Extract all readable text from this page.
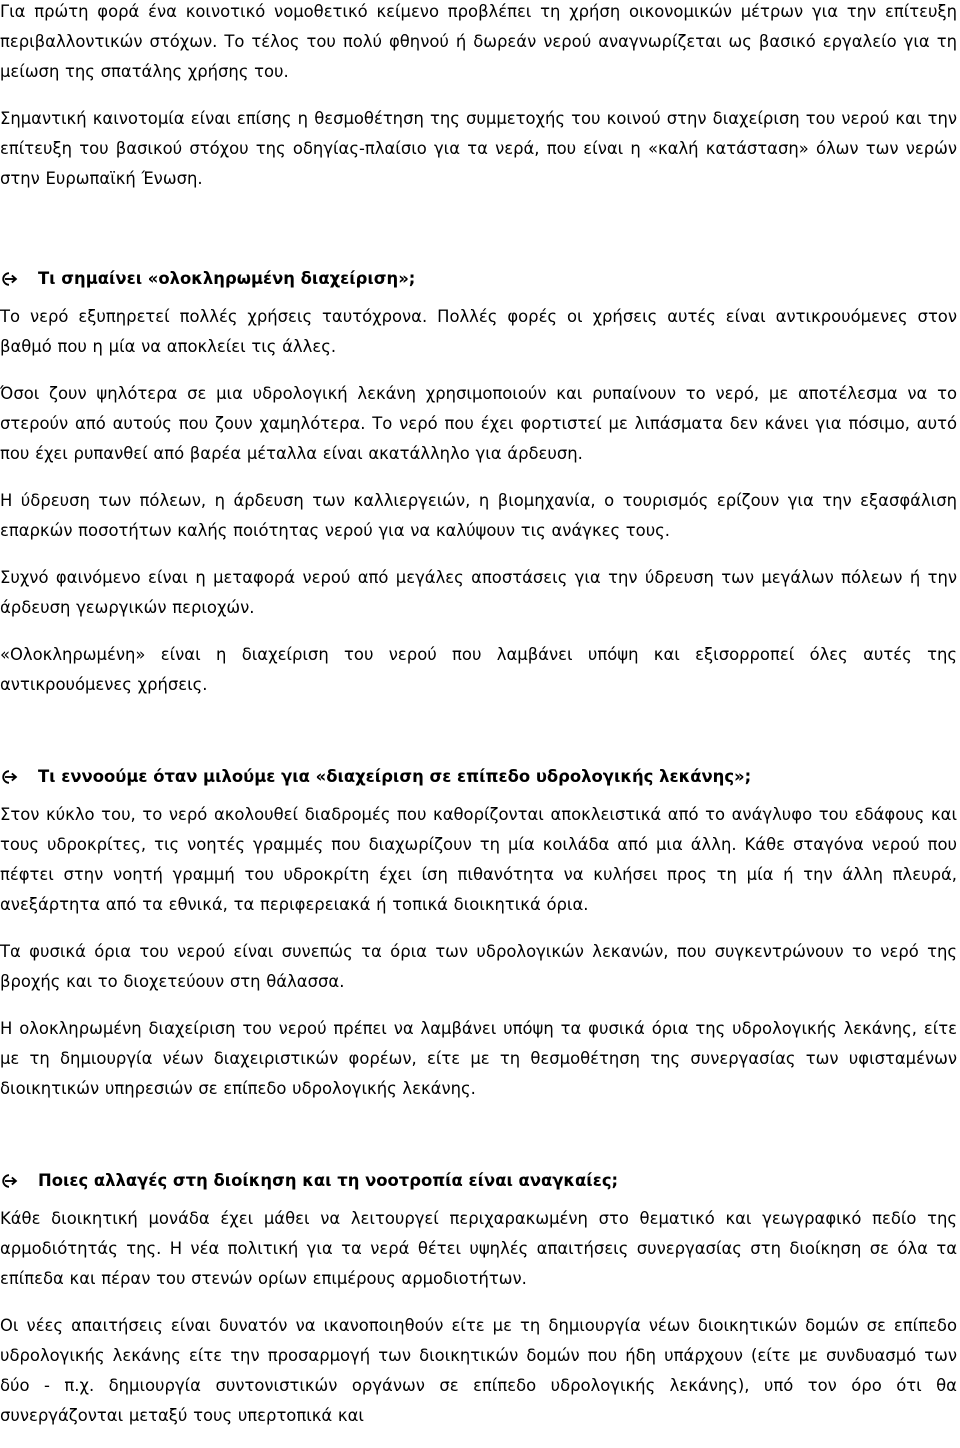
Για πρώτη φορά ένα κοινοτικό νομοθετικό κείμενο προβλέπει τη χρήση οικονομικών μέτρων για την επίτευξη περιβαλλοντικών στόχων. Το τέλος του πολύ φθηνού ή δωρεάν νερού αναγνωρίζεται ως βασικό εργαλείο για τη μείωση της σπατάλης χρήσης του.

Σημαντική καινοτομία είναι επίσης η θεσμοθέτηση της συμμετοχής του κοινού στην διαχείριση του νερού και την επίτευξη του βασικού στόχου της οδηγίας-πλαίσιο για τα νερά, που είναι η «καλή κατάσταση» όλων των νερών στην Ευρωπαϊκή Ένωση.

Τι σημαίνει «ολοκληρωμένη διαχείριση»;

Το νερό εξυπηρετεί πολλές χρήσεις ταυτόχρονα. Πολλές φορές οι χρήσεις αυτές είναι αντικρουόμενες στον βαθμό που η μία να αποκλείει τις άλλες.

Όσοι ζουν ψηλότερα σε μια υδρολογική λεκάνη χρησιμοποιούν και ρυπαίνουν το νερό, με αποτέλεσμα να το στερούν από αυτούς που ζουν χαμηλότερα. Το νερό που έχει φορτιστεί με λιπάσματα δεν κάνει για πόσιμο, αυτό που έχει ρυπανθεί από βαρέα μέταλλα είναι ακατάλληλο για άρδευση.

Η ύδρευση των πόλεων, η άρδευση των καλλιεργειών, η βιομηχανία, ο τουρισμός ερίζουν για την εξασφάλιση επαρκών ποσοτήτων καλής ποιότητας νερού για να καλύψουν τις ανάγκες τους.

Συχνό φαινόμενο είναι η μεταφορά νερού από μεγάλες αποστάσεις για την ύδρευση των μεγάλων πόλεων ή την άρδευση γεωργικών περιοχών.

«Ολοκληρωμένη» είναι η διαχείριση του νερού που λαμβάνει υπόψη και εξισορροπεί όλες αυτές της αντικρουόμενες χρήσεις.

Τι εννοούμε όταν μιλούμε για «διαχείριση σε επίπεδο υδρολογικής λεκάνης»;

Στον κύκλο του, το νερό ακολουθεί διαδρομές που καθορίζονται αποκλειστικά από το ανάγλυφο του εδάφους και τους υδροκρίτες, τις νοητές γραμμές που διαχωρίζουν τη μία κοιλάδα από μια άλλη. Κάθε σταγόνα νερού που πέφτει στην νοητή γραμμή του υδροκρίτη έχει ίση πιθανότητα να κυλήσει προς τη μία ή την άλλη πλευρά, ανεξάρτητα από τα εθνικά, τα περιφερειακά ή τοπικά διοικητικά όρια.

Τα φυσικά όρια του νερού είναι συνεπώς τα όρια των υδρολογικών λεκανών, που συγκεντρώνουν το νερό της βροχής και το διοχετεύουν στη θάλασσα.

Η ολοκληρωμένη διαχείριση του νερού πρέπει να λαμβάνει υπόψη τα φυσικά όρια της υδρολογικής λεκάνης, είτε με τη δημιουργία νέων διαχειριστικών φορέων, είτε με τη θεσμοθέτηση της συνεργασίας των υφισταμένων διοικητικών υπηρεσιών σε επίπεδο υδρολογικής λεκάνης.

Ποιες αλλαγές στη διοίκηση και τη νοοτροπία είναι αναγκαίες;

Κάθε διοικητική μονάδα έχει μάθει να λειτουργεί περιχαρακωμένη στο θεματικό και γεωγραφικό πεδίο της αρμοδιότητάς της. Η νέα πολιτική για τα νερά θέτει υψηλές απαιτήσεις συνεργασίας στη διοίκηση σε όλα τα επίπεδα και πέραν του στενών ορίων επιμέρους αρμοδιοτήτων.

Οι νέες απαιτήσεις είναι δυνατόν να ικανοποιηθούν είτε με τη δημιουργία νέων διοικητικών δομών σε επίπεδο υδρολογικής λεκάνης είτε την προσαρμογή των διοικητικών δομών που ήδη υπάρχουν (είτε με συνδυασμό των δύο - π.χ. δημιουργία συντονιστικών οργάνων σε επίπεδο υδρολογικής λεκάνης), υπό τον όρο ότι θα συνεργάζονται μεταξύ τους υπερτοπικά και
